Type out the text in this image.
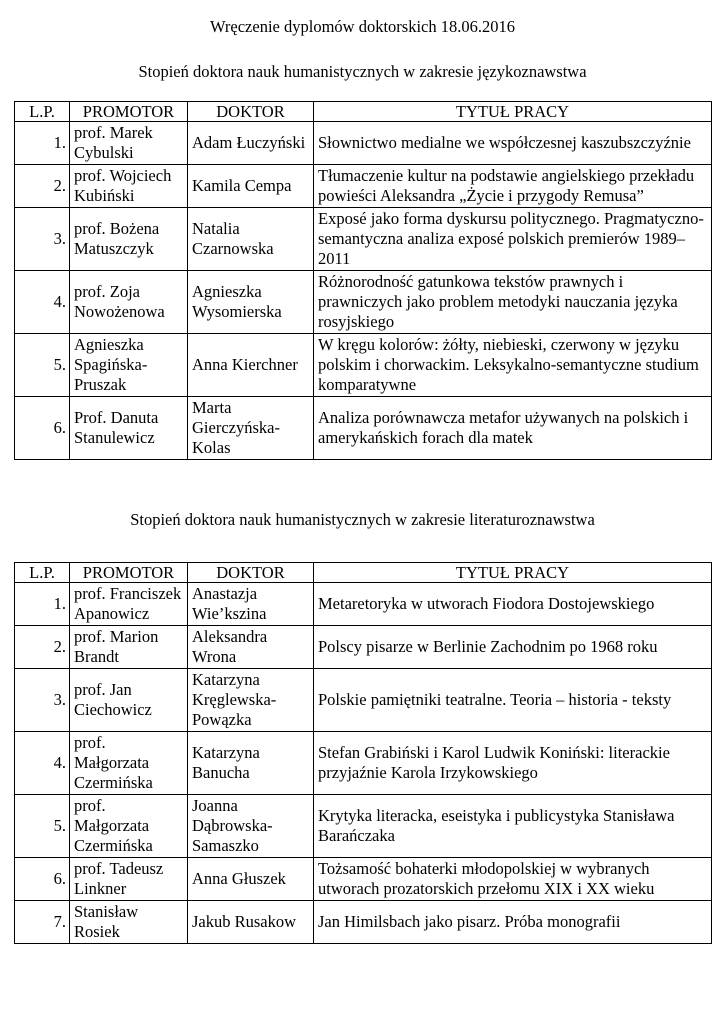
Wręczenie dyplomów doktorskich 18.06.2016
Stopień doktora nauk humanistycznych w zakresie językoznawstwa
L.P.	PROMOTOR	DOKTOR	TYTUŁ PRACY
1.	prof. Marek Cybulski	Adam Łuczyński	Słownictwo medialne we współczesnej kaszubszczyźnie
2.	prof. Wojciech Kubiński	Kamila Cempa	Tłumaczenie kultur na podstawie angielskiego przekładu powieści Aleksandra „Życie i przygody Remusa”
3.	prof. Bożena Matuszczyk	Natalia Czarnowska	Exposé jako forma dyskursu politycznego. Pragmatyczno-semantyczna analiza exposé polskich premierów 1989–2011
4.	prof. Zoja Nowożenowa	Agnieszka Wysomierska	Różnorodność gatunkowa tekstów prawnych i prawniczych jako problem metodyki nauczania języka rosyjskiego
5.	Agnieszka Spagińska-Pruszak	Anna Kierchner	W kręgu kolorów: żółty, niebieski, czerwony w języku polskim i chorwackim. Leksykalno-semantyczne studium komparatywne
6.	Prof. Danuta Stanulewicz	Marta Gierczyńska-Kolas	Analiza porównawcza metafor używanych na polskich i amerykańskich forach dla matek
Stopień doktora nauk humanistycznych w zakresie literaturoznawstwa
L.P.	PROMOTOR	DOKTOR	TYTUŁ PRACY
1.	prof. Franciszek Apanowicz	Anastazja Wie’kszina	Metaretoryka w utworach Fiodora Dostojewskiego
2.	prof. Marion Brandt	Aleksandra Wrona	Polscy pisarze w Berlinie Zachodnim po 1968 roku
3.	prof. Jan Ciechowicz	Katarzyna Kręglewska-Powązka	Polskie pamiętniki teatralne. Teoria – historia - teksty
4.	prof. Małgorzata Czermińska	Katarzyna Banucha	Stefan Grabiński i Karol Ludwik Koniński: literackie przyjaźnie Karola Irzykowskiego
5.	prof. Małgorzata Czermińska	Joanna Dąbrowska-Samaszko	Krytyka literacka, eseistyka i publicystyka Stanisława Barańczaka
6.	prof. Tadeusz Linkner	Anna Głuszek	Tożsamość bohaterki młodopolskiej w wybranych utworach prozatorskich przełomu XIX i XX wieku
7.	Stanisław Rosiek	Jakub Rusakow	Jan Himilsbach jako pisarz. Próba monografii
